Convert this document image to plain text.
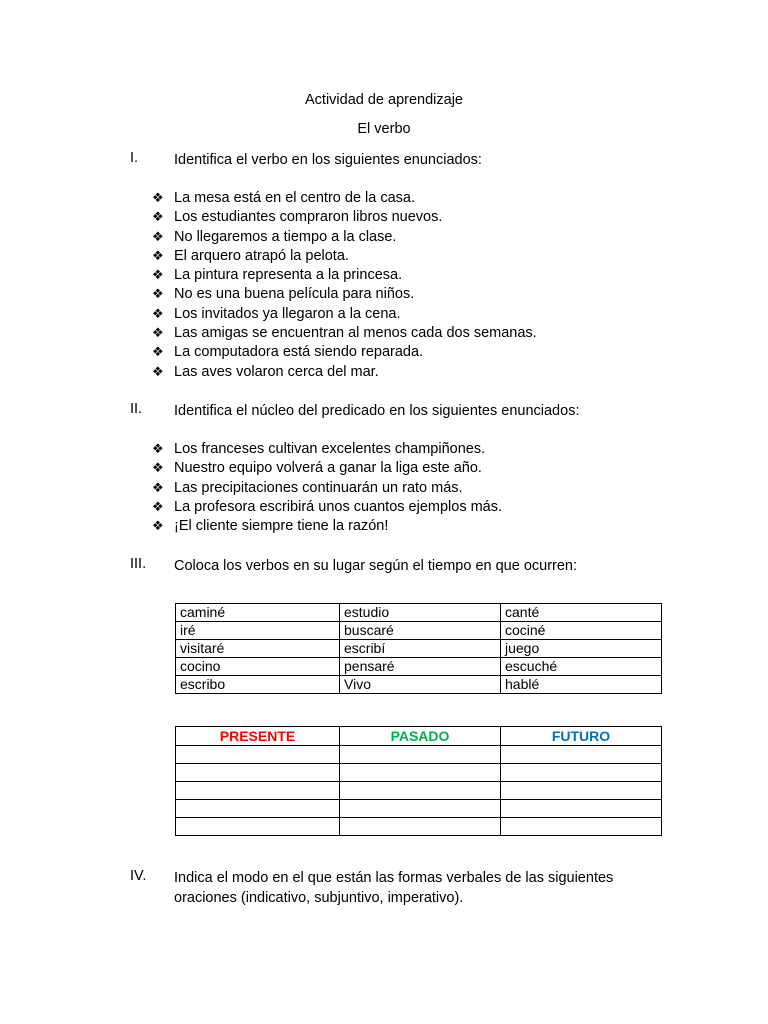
Actividad de aprendizaje
El verbo
I. Identifica el verbo en los siguientes enunciados:
❖ La mesa está en el centro de la casa.
❖ Los estudiantes compraron libros nuevos.
❖ No llegaremos a tiempo a la clase.
❖ El arquero atrapó la pelota.
❖ La pintura representa a la princesa.
❖ No es una buena película para niños.
❖ Los invitados ya llegaron a la cena.
❖ Las amigas se encuentran al menos cada dos semanas.
❖ La computadora está siendo reparada.
❖ Las aves volaron cerca del mar.
II. Identifica el núcleo del predicado en los siguientes enunciados:
❖ Los franceses cultivan excelentes champiñones.
❖ Nuestro equipo volverá a ganar la liga este año.
❖ Las precipitaciones continuarán un rato más.
❖ La profesora escribirá unos cuantos ejemplos más.
❖ ¡El cliente siempre tiene la razón!
III. Coloca los verbos en su lugar según el tiempo en que ocurren:
caminé	estudio	canté
iré	buscaré	cociné
visitaré	escribí	juego
cocino	pensaré	escuché
escribo	Vivo	hablé
PRESENTE	PASADO	FUTURO

IV. Indica el modo en el que están las formas verbales de las siguientes oraciones (indicativo, subjuntivo, imperativo).
